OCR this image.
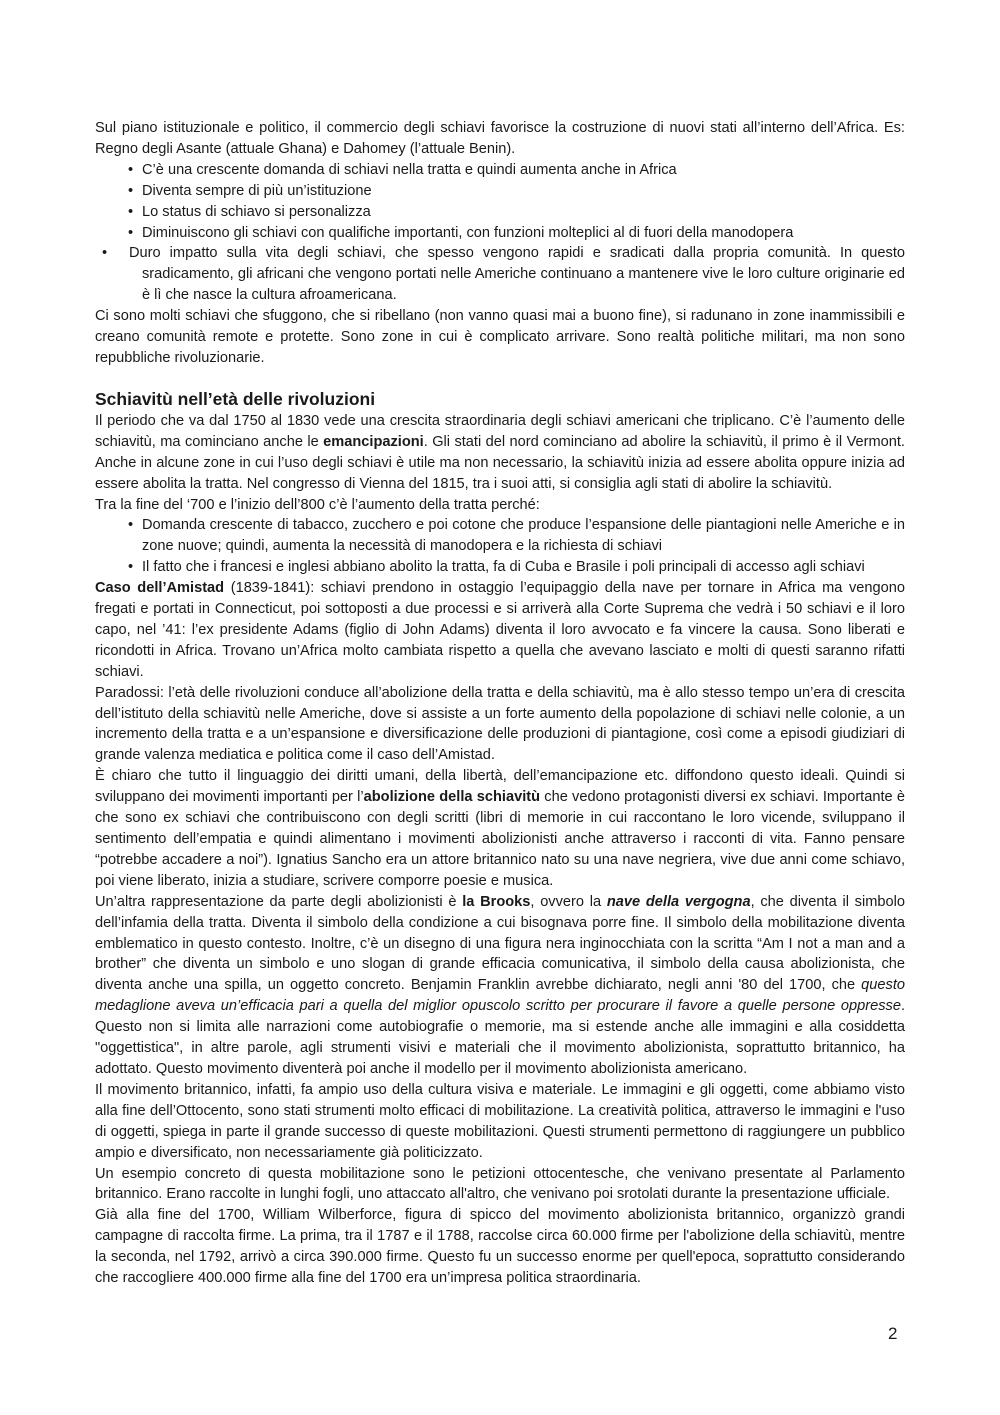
Sul piano istituzionale e politico, il commercio degli schiavi favorisce la costruzione di nuovi stati all’interno dell’Africa. Es: Regno degli Asante (attuale Ghana) e Dahomey (l’attuale Benin).

• C’è una crescente domanda di schiavi nella tratta e quindi aumenta anche in Africa
• Diventa sempre di più un’istituzione
• Lo status di schiavo si personalizza
• Diminuiscono gli schiavi con qualifiche importanti, con funzioni molteplici al di fuori della manodopera
• Duro impatto sulla vita degli schiavi, che spesso vengono rapidi e sradicati dalla propria comunità. In questo sradicamento, gli africani che vengono portati nelle Americhe continuano a mantenere vive le loro culture originarie ed è lì che nasce la cultura afroamericana.

Ci sono molti schiavi che sfuggono, che si ribellano (non vanno quasi mai a buono fine), si radunano in zone inammissibili e creano comunità remote e protette. Sono zone in cui è complicato arrivare. Sono realtà politiche militari, ma non sono repubbliche rivoluzionarie.

Schiavitù nell’età delle rivoluzioni

Il periodo che va dal 1750 al 1830 vede una crescita straordinaria degli schiavi americani che triplicano. C’è l’aumento delle schiavitù, ma cominciano anche le emancipazioni. Gli stati del nord cominciano ad abolire la schiavitù, il primo è il Vermont. Anche in alcune zone in cui l’uso degli schiavi è utile ma non necessario, la schiavitù inizia ad essere abolita oppure inizia ad essere abolita la tratta. Nel congresso di Vienna del 1815, tra i suoi atti, si consiglia agli stati di abolire la schiavitù.

Tra la fine del ‘700 e l’inizio dell’800 c’è l’aumento della tratta perché:

• Domanda crescente di tabacco, zucchero e poi cotone che produce l’espansione delle piantagioni nelle Americhe e in zone nuove; quindi, aumenta la necessità di manodopera e la richiesta di schiavi
• Il fatto che i francesi e inglesi abbiano abolito la tratta, fa di Cuba e Brasile i poli principali di accesso agli schiavi

Caso dell’Amistad (1839-1841): schiavi prendono in ostaggio l’equipaggio della nave per tornare in Africa ma vengono fregati e portati in Connecticut, poi sottoposti a due processi e si arriverà alla Corte Suprema che vedrà i 50 schiavi e il loro capo, nel ’41: l’ex presidente Adams (figlio di John Adams) diventa il loro avvocato e fa vincere la causa. Sono liberati e ricondotti in Africa. Trovano un’Africa molto cambiata rispetto a quella che avevano lasciato e molti di questi saranno rifatti schiavi.

Paradossi: l’età delle rivoluzioni conduce all’abolizione della tratta e della schiavitù, ma è allo stesso tempo un’era di crescita dell’istituto della schiavitù nelle Americhe, dove si assiste a un forte aumento della popolazione di schiavi nelle colonie, a un incremento della tratta e a un’espansione e diversificazione delle produzioni di piantagione, così come a episodi giudiziari di grande valenza mediatica e politica come il caso dell’Amistad.

È chiaro che tutto il linguaggio dei diritti umani, della libertà, dell’emancipazione etc. diffondono questo ideali. Quindi si sviluppano dei movimenti importanti per l’abolizione della schiavitù che vedono protagonisti diversi ex schiavi. Importante è che sono ex schiavi che contribuiscono con degli scritti (libri di memorie in cui raccontano le loro vicende, sviluppano il sentimento dell’empatia e quindi alimentano i movimenti abolizionisti anche attraverso i racconti di vita. Fanno pensare “potrebbe accadere a noi”). Ignatius Sancho era un attore britannico nato su una nave negriera, vive due anni come schiavo, poi viene liberato, inizia a studiare, scrivere comporre poesie e musica.

Un’altra rappresentazione da parte degli abolizionisti è la Brooks, ovvero la nave della vergogna, che diventa il simbolo dell’infamia della tratta. Diventa il simbolo della condizione a cui bisognava porre fine. Il simbolo della mobilitazione diventa emblematico in questo contesto. Inoltre, c’è un disegno di una figura nera inginocchiata con la scritta “Am I not a man and a brother” che diventa un simbolo e uno slogan di grande efficacia comunicativa, il simbolo della causa abolizionista, che diventa anche una spilla, un oggetto concreto. Benjamin Franklin avrebbe dichiarato, negli anni '80 del 1700, che questo medaglione aveva un’efficacia pari a quella del miglior opuscolo scritto per procurare il favore a quelle persone oppresse. Questo non si limita alle narrazioni come autobiografie o memorie, ma si estende anche alle immagini e alla cosiddetta "oggettistica", in altre parole, agli strumenti visivi e materiali che il movimento abolizionista, soprattutto britannico, ha adottato. Questo movimento diventerà poi anche il modello per il movimento abolizionista americano.

Il movimento britannico, infatti, fa ampio uso della cultura visiva e materiale. Le immagini e gli oggetti, come abbiamo visto alla fine dell’Ottocento, sono stati strumenti molto efficaci di mobilitazione. La creatività politica, attraverso le immagini e l'uso di oggetti, spiega in parte il grande successo di queste mobilitazioni. Questi strumenti permettono di raggiungere un pubblico ampio e diversificato, non necessariamente già politicizzato.

Un esempio concreto di questa mobilitazione sono le petizioni ottocentesche, che venivano presentate al Parlamento britannico. Erano raccolte in lunghi fogli, uno attaccato all'altro, che venivano poi srotolati durante la presentazione ufficiale.

Già alla fine del 1700, William Wilberforce, figura di spicco del movimento abolizionista britannico, organizzò grandi campagne di raccolta firme. La prima, tra il 1787 e il 1788, raccolse circa 60.000 firme per l'abolizione della schiavitù, mentre la seconda, nel 1792, arrivò a circa 390.000 firme. Questo fu un successo enorme per quell'epoca, soprattutto considerando che raccogliere 400.000 firme alla fine del 1700 era un’impresa politica straordinaria.

2
